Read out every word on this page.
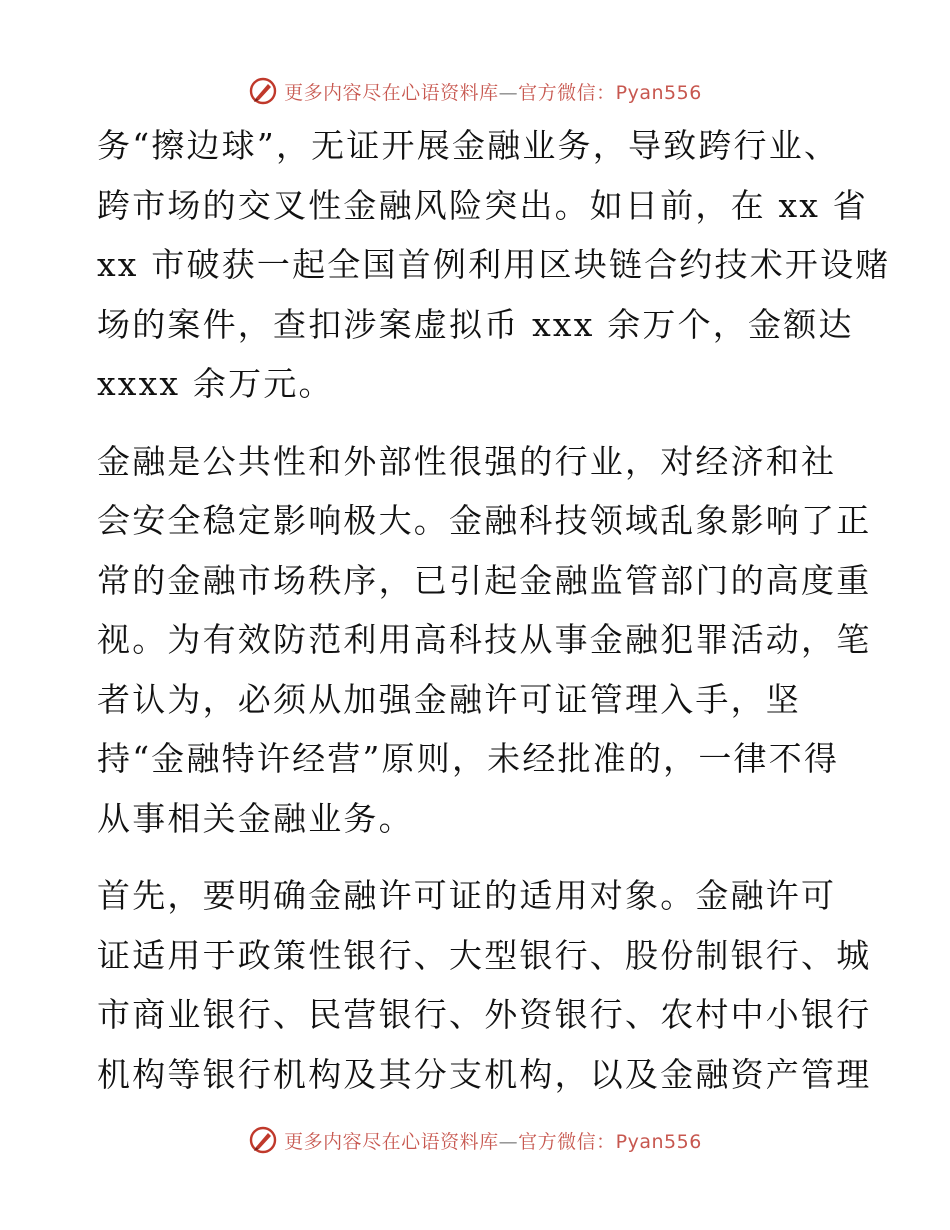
更多内容尽在心语资料库—官方微信：Pyan556
务“擦边球”，无证开展金融业务，导致跨行业、
跨市场的交叉性金融风险突出。如日前，在 xx 省
xx 市破获一起全国首例利用区块链合约技术开设赌
场的案件，查扣涉案虚拟币 xxx 余万个，金额达
xxxx 余万元。
金融是公共性和外部性很强的行业，对经济和社
会安全稳定影响极大。金融科技领域乱象影响了正
常的金融市场秩序，已引起金融监管部门的高度重
视。为有效防范利用高科技从事金融犯罪活动，笔
者认为，必须从加强金融许可证管理入手，坚
持“金融特许经营”原则，未经批准的，一律不得
从事相关金融业务。
首先，要明确金融许可证的适用对象。金融许可
证适用于政策性银行、大型银行、股份制银行、城
市商业银行、民营银行、外资银行、农村中小银行
机构等银行机构及其分支机构，以及金融资产管理
更多内容尽在心语资料库—官方微信：Pyan556
